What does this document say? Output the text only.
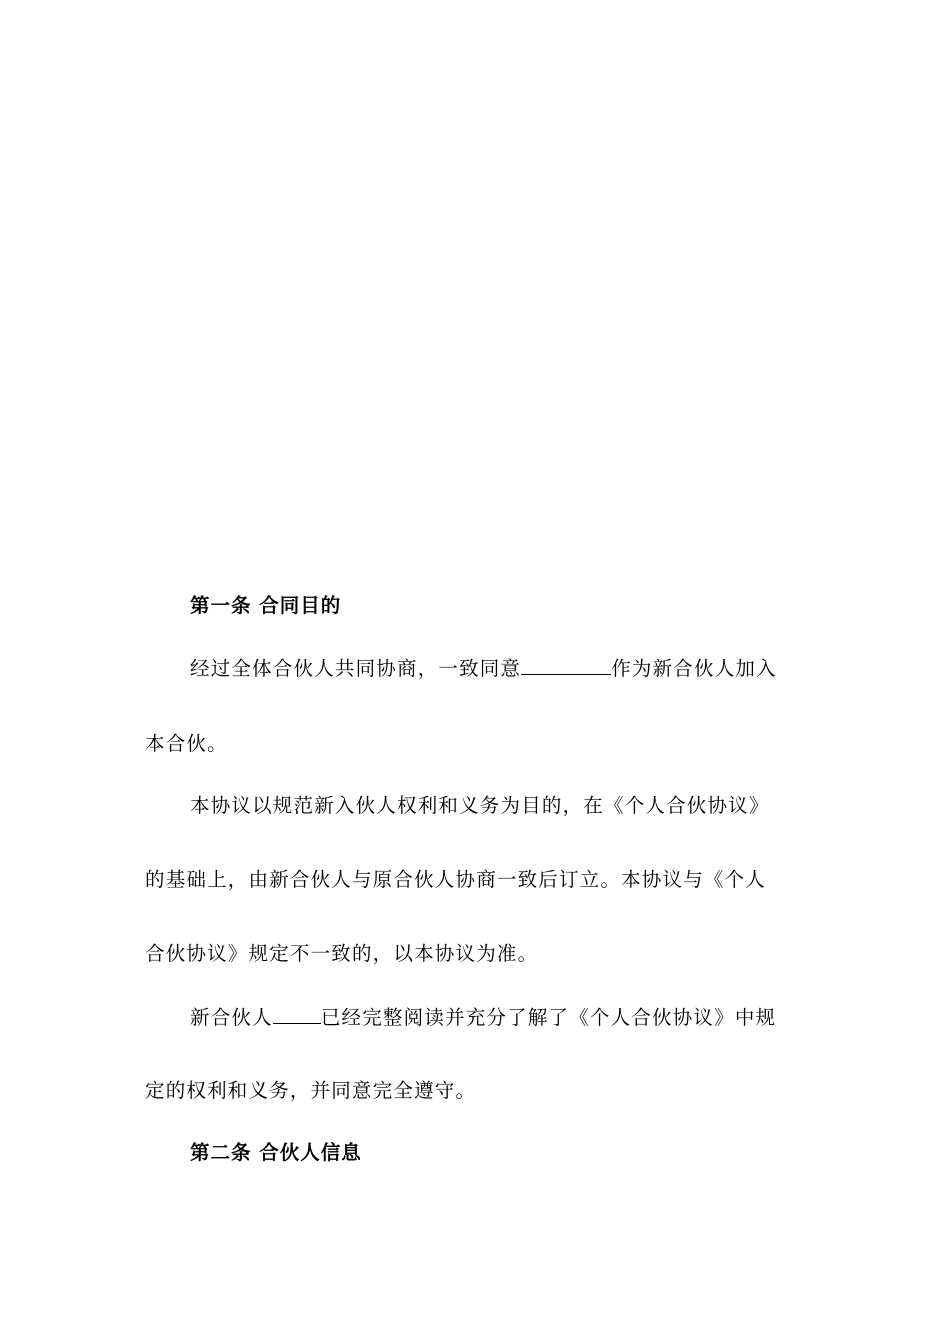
第一条 合同目的
经过全体合伙人共同协商，一致同意	作为新合伙人加入
本合伙。
本协议以规范新入伙人权利和义务为目的，在《个人合伙协议》
的基础上，由新合伙人与原合伙人协商一致后订立。本协议与《个人
合伙协议》规定不一致的，以本协议为准。
新合伙人 已经完整阅读并充分了解了《个人合伙协议》中规
定的权利和义务，并同意完全遵守。
第二条 合伙人信息
